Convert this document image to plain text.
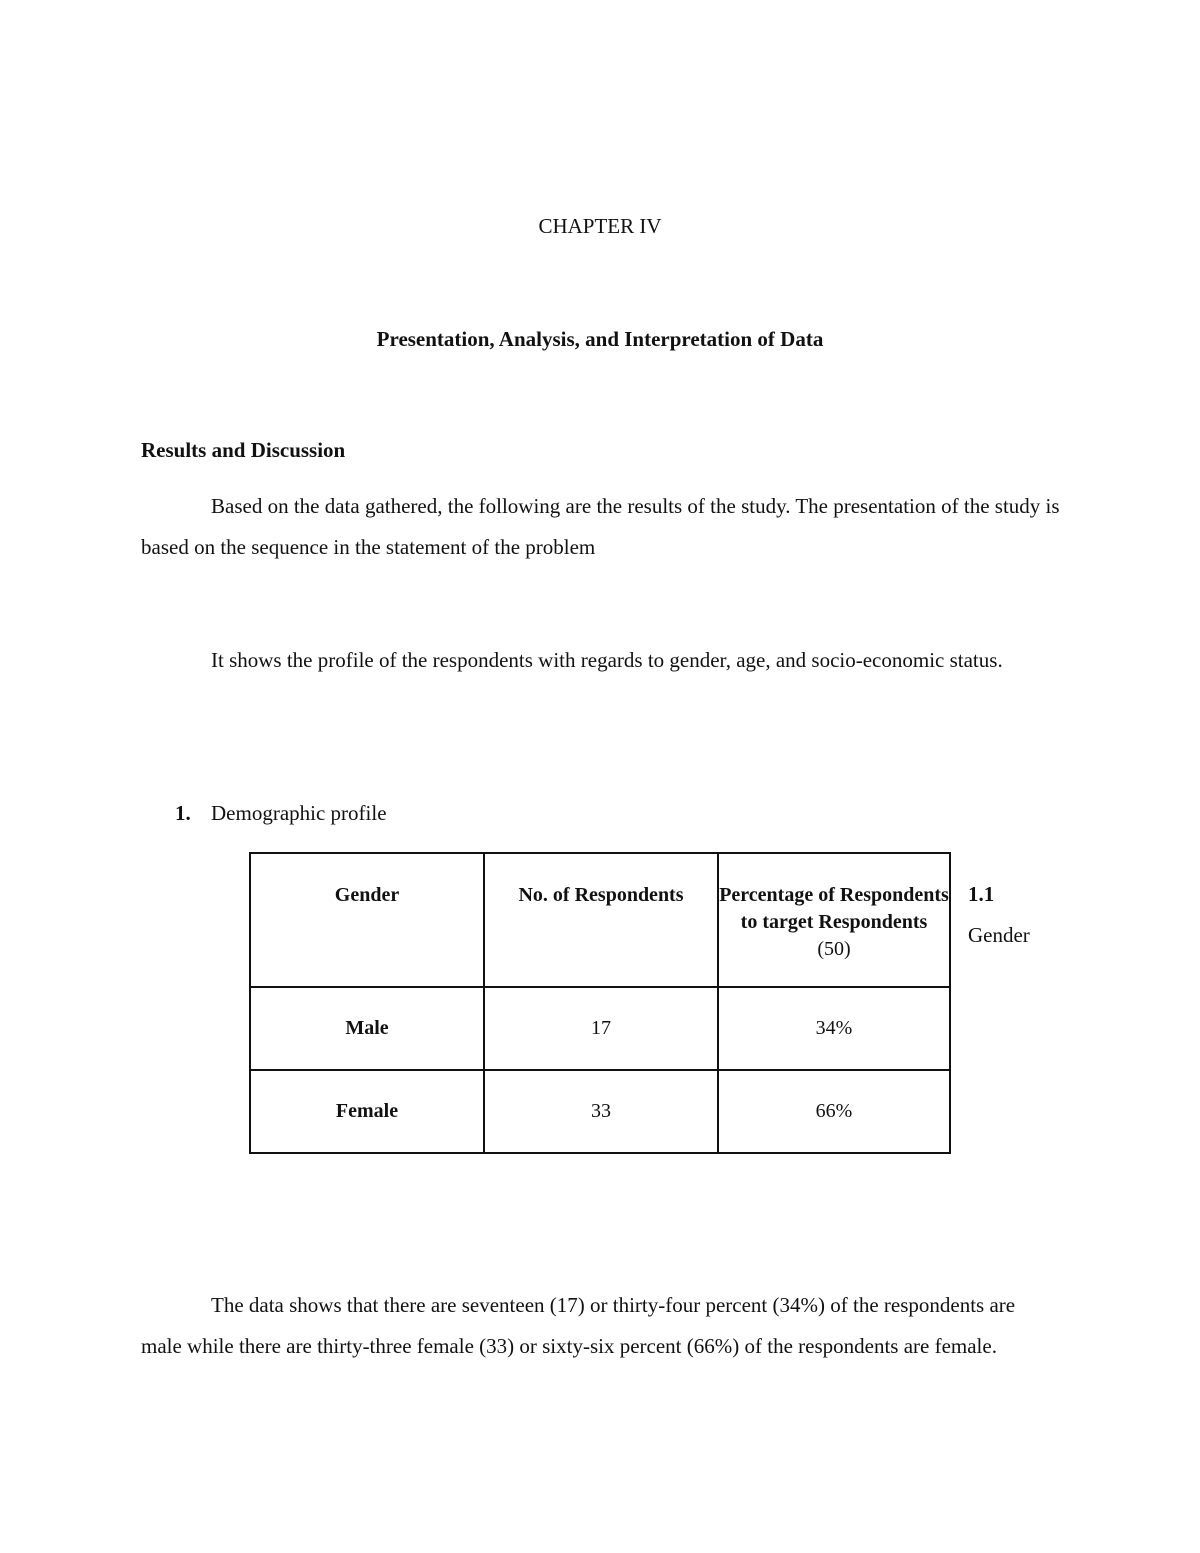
CHAPTER IV
Presentation, Analysis, and Interpretation of Data
Results and Discussion
Based on the data gathered, the following are the results of the study. The presentation of the study is based on the sequence in the statement of the problem
It shows the profile of the respondents with regards to gender, age, and socio-economic status.
1. Demographic profile
Gender	No. of Respondents	Percentage of Respondents to target Respondents
(50)

Male	17	34%
Female	33	66%
1.1
Gender
The data shows that there are seventeen (17) or thirty-four percent (34%) of the respondents are male while there are thirty-three female (33) or sixty-six percent (66%) of the respondents are female.
